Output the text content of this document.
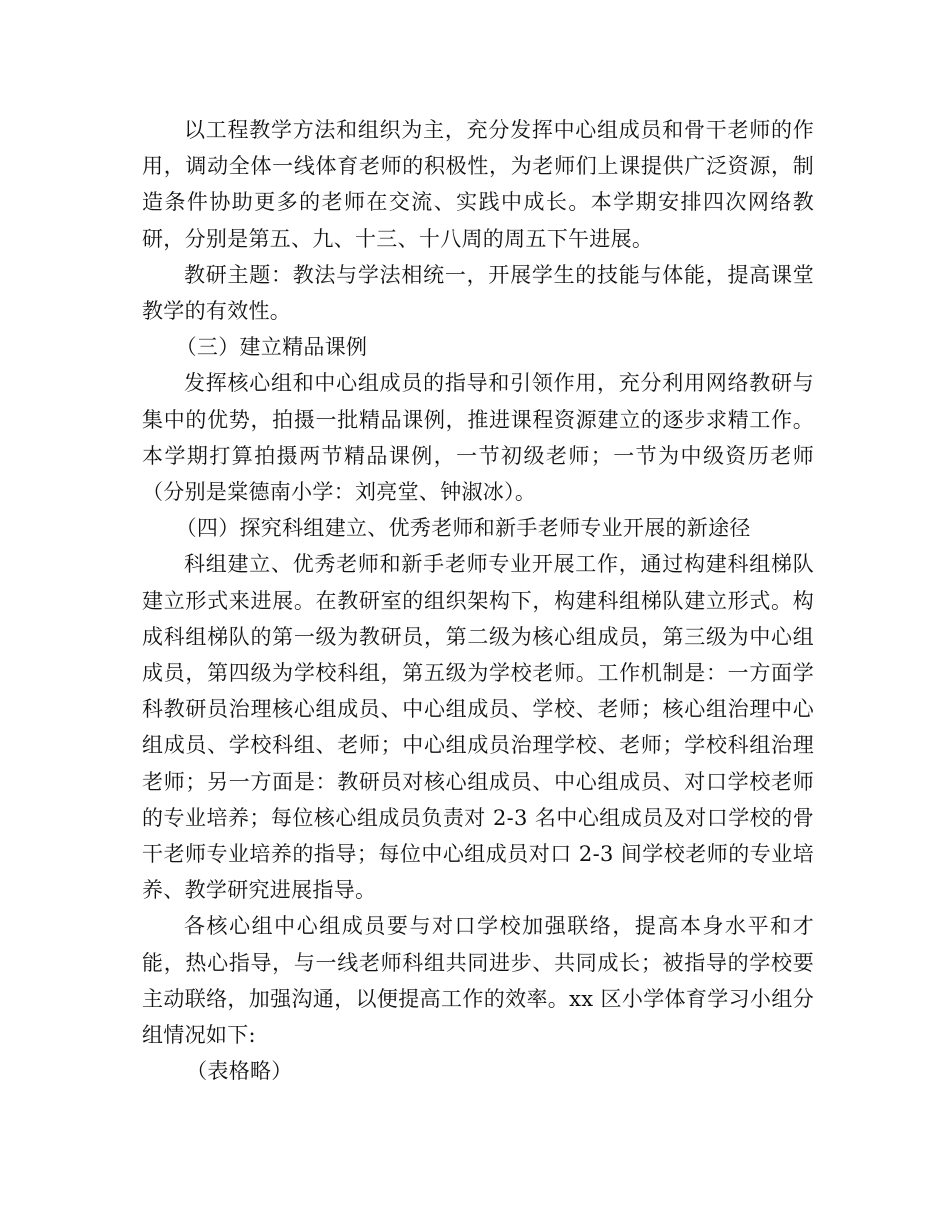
以工程教学方法和组织为主，充分发挥中心组成员和骨干老师的作用，调动全体一线体育老师的积极性，为老师们上课提供广泛资源，制造条件协助更多的老师在交流、实践中成长。本学期安排四次网络教研，分别是第五、九、十三、十八周的周五下午进展。

教研主题：教法与学法相统一，开展学生的技能与体能，提高课堂教学的有效性。

（三）建立精品课例

发挥核心组和中心组成员的指导和引领作用，充分利用网络教研与集中的优势，拍摄一批精品课例，推进课程资源建立的逐步求精工作。本学期打算拍摄两节精品课例，一节初级老师；一节为中级资历老师（分别是棠德南小学：刘亮堂、钟淑冰）。

（四）探究科组建立、优秀老师和新手老师专业开展的新途径

科组建立、优秀老师和新手老师专业开展工作，通过构建科组梯队建立形式来进展。在教研室的组织架构下，构建科组梯队建立形式。构成科组梯队的第一级为教研员，第二级为核心组成员，第三级为中心组成员，第四级为学校科组，第五级为学校老师。工作机制是：一方面学科教研员治理核心组成员、中心组成员、学校、老师；核心组治理中心组成员、学校科组、老师；中心组成员治理学校、老师；学校科组治理老师；另一方面是：教研员对核心组成员、中心组成员、对口学校老师的专业培养；每位核心组成员负责对 2-3 名中心组成员及对口学校的骨干老师专业培养的指导；每位中心组成员对口 2-3 间学校老师的专业培养、教学研究进展指导。

各核心组中心组成员要与对口学校加强联络，提高本身水平和才能，热心指导，与一线老师科组共同进步、共同成长；被指导的学校要主动联络，加强沟通，以便提高工作的效率。xx 区小学体育学习小组分组情况如下:

（表格略）
